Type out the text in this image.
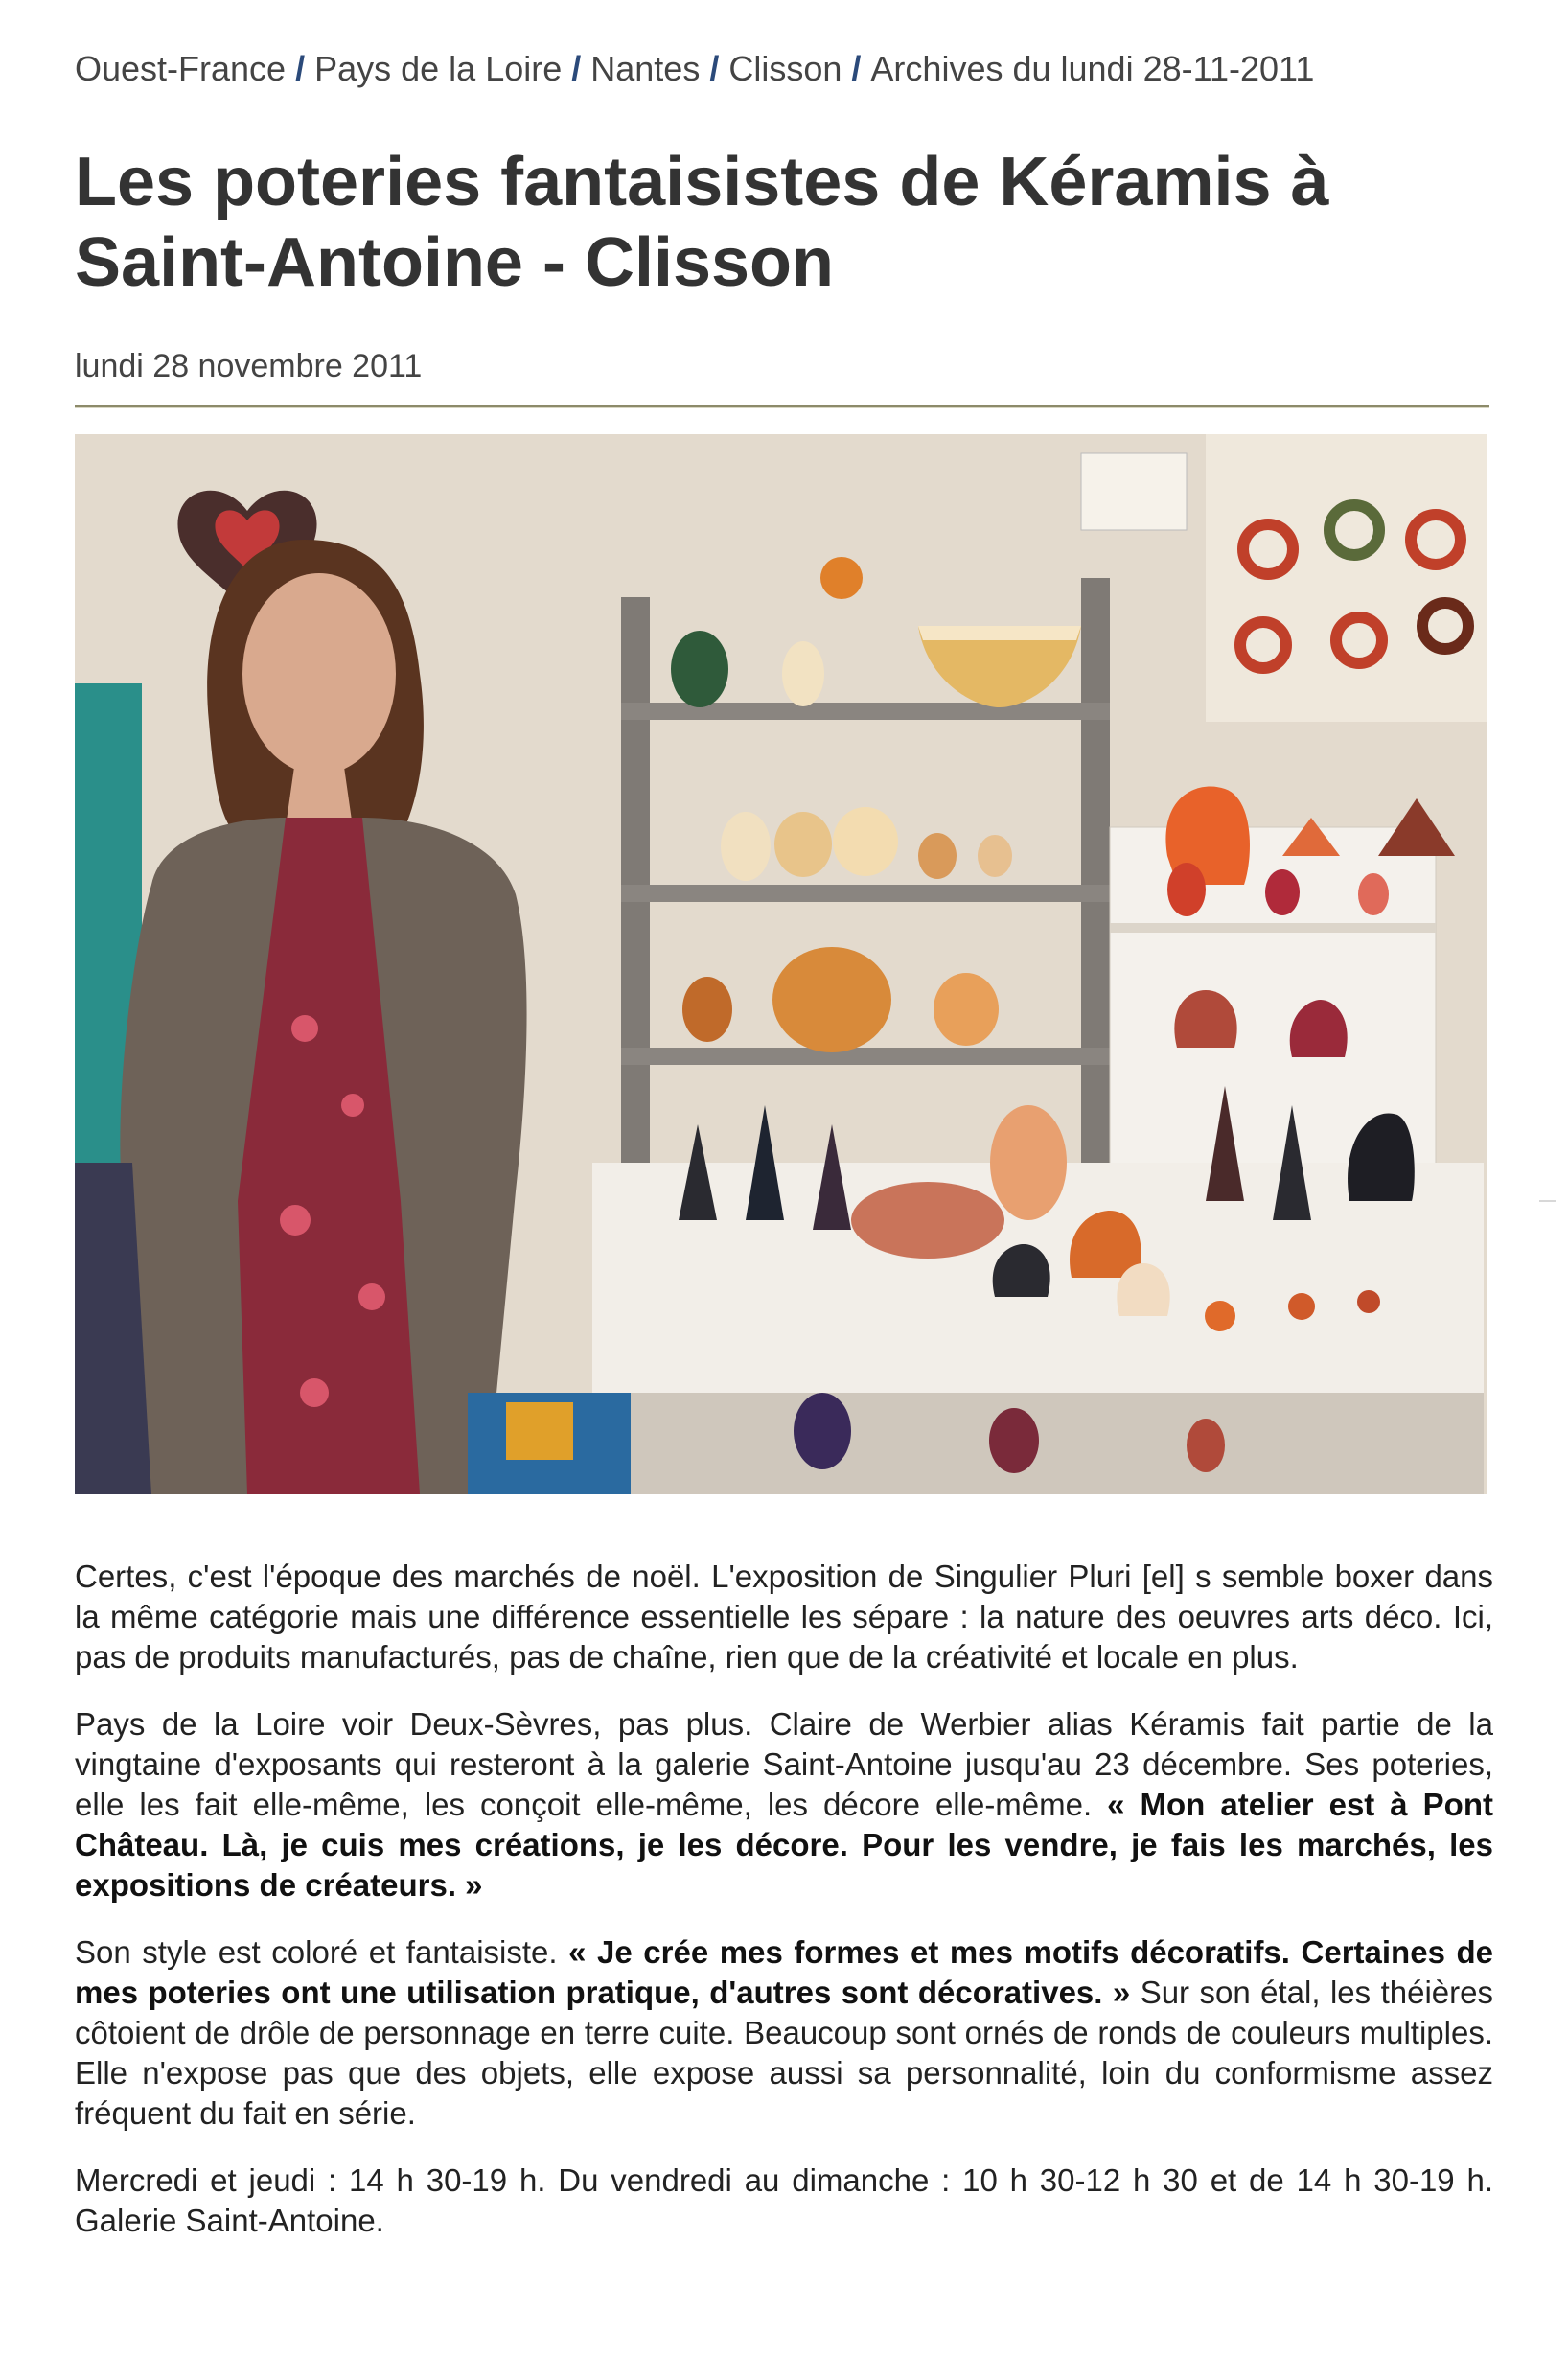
Ouest-France / Pays de la Loire / Nantes / Clisson / Archives du lundi 28-11-2011
Les poteries fantaisistes de Kéramis à Saint-Antoine - Clisson
lundi 28 novembre 2011

Certes, c'est l'époque des marchés de noël. L'exposition de Singulier Pluri [el] s semble boxer dans la même catégorie mais une différence essentielle les sépare : la nature des oeuvres arts déco. Ici, pas de produits manufacturés, pas de chaîne, rien que de la créativité et locale en plus.

Pays de la Loire voir Deux-Sèvres, pas plus. Claire de Werbier alias Kéramis fait partie de la vingtaine d'exposants qui resteront à la galerie Saint-Antoine jusqu'au 23 décembre. Ses poteries, elle les fait elle-même, les conçoit elle-même, les décore elle-même. « Mon atelier est à Pont Château. Là, je cuis mes créations, je les décore. Pour les vendre, je fais les marchés, les expositions de créateurs. »

Son style est coloré et fantaisiste. « Je crée mes formes et mes motifs décoratifs. Certaines de mes poteries ont une utilisation pratique, d'autres sont décoratives. » Sur son étal, les théières côtoient de drôle de personnage en terre cuite. Beaucoup sont ornés de ronds de couleurs multiples. Elle n'expose pas que des objets, elle expose aussi sa personnalité, loin du conformisme assez fréquent du fait en série.

Mercredi et jeudi : 14 h 30-19 h. Du vendredi au dimanche : 10 h 30-12 h 30 et de 14 h 30-19 h. Galerie Saint-Antoine.
